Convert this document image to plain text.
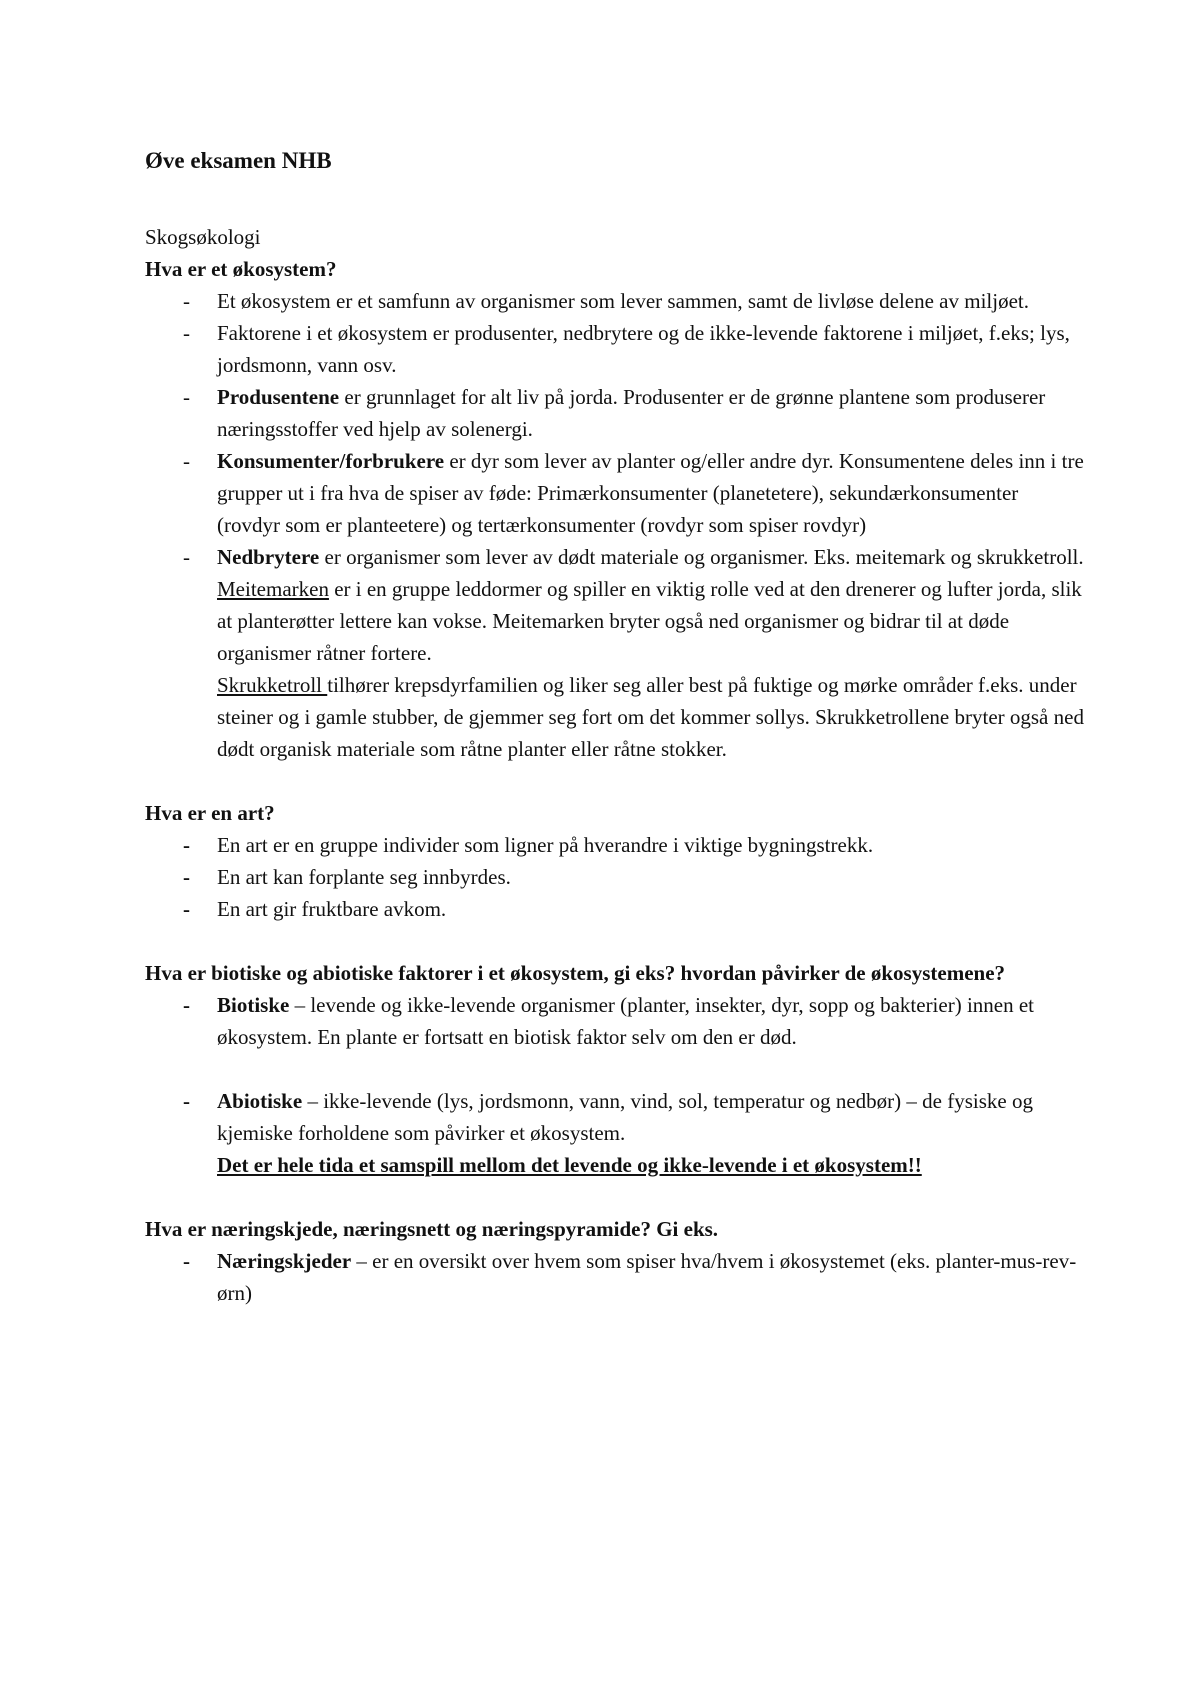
Øve eksamen NHB

Skogsøkologi

Hva er et økosystem?

- Et økosystem er et samfunn av organismer som lever sammen, samt de livløse delene av miljøet.
- Faktorene i et økosystem er produsenter, nedbrytere og de ikke-levende faktorene i miljøet, f.eks; lys, jordsmonn, vann osv.
- Produsentene er grunnlaget for alt liv på jorda. Produsenter er de grønne plantene som produserer næringsstoffer ved hjelp av solenergi.
- Konsumenter/forbrukere er dyr som lever av planter og/eller andre dyr. Konsumentene deles inn i tre grupper ut i fra hva de spiser av føde: Primærkonsumenter (planetetere), sekundærkonsumenter (rovdyr som er planteetere) og tertærkonsumenter (rovdyr som spiser rovdyr)
- Nedbrytere er organismer som lever av dødt materiale og organismer. Eks. meitemark og skrukketroll.
Meitemarken er i en gruppe leddormer og spiller en viktig rolle ved at den drenerer og lufter jorda, slik at planterøtter lettere kan vokse. Meitemarken bryter også ned organismer og bidrar til at døde organismer råtner fortere.
Skrukketroll tilhører krepsdyrfamilien og liker seg aller best på fuktige og mørke områder f.eks. under steiner og i gamle stubber, de gjemmer seg fort om det kommer sollys. Skrukketrollene bryter også ned dødt organisk materiale som råtne planter eller råtne stokker.

Hva er en art?

- En art er en gruppe individer som ligner på hverandre i viktige bygningstrekk.
- En art kan forplante seg innbyrdes.
- En art gir fruktbare avkom.

Hva er biotiske og abiotiske faktorer i et økosystem, gi eks? hvordan påvirker de økosystemene?

- Biotiske – levende og ikke-levende organismer (planter, insekter, dyr, sopp og bakterier) innen et økosystem. En plante er fortsatt en biotisk faktor selv om den er død.
- Abiotiske – ikke-levende (lys, jordsmonn, vann, vind, sol, temperatur og nedbør) – de fysiske og kjemiske forholdene som påvirker et økosystem.

Det er hele tida et samspill mellom det levende og ikke-levende i et økosystem!!

Hva er næringskjede, næringsnett og næringspyramide? Gi eks.

- Næringskjeder – er en oversikt over hvem som spiser hva/hvem i økosystemet (eks. planter-mus-rev-ørn)
